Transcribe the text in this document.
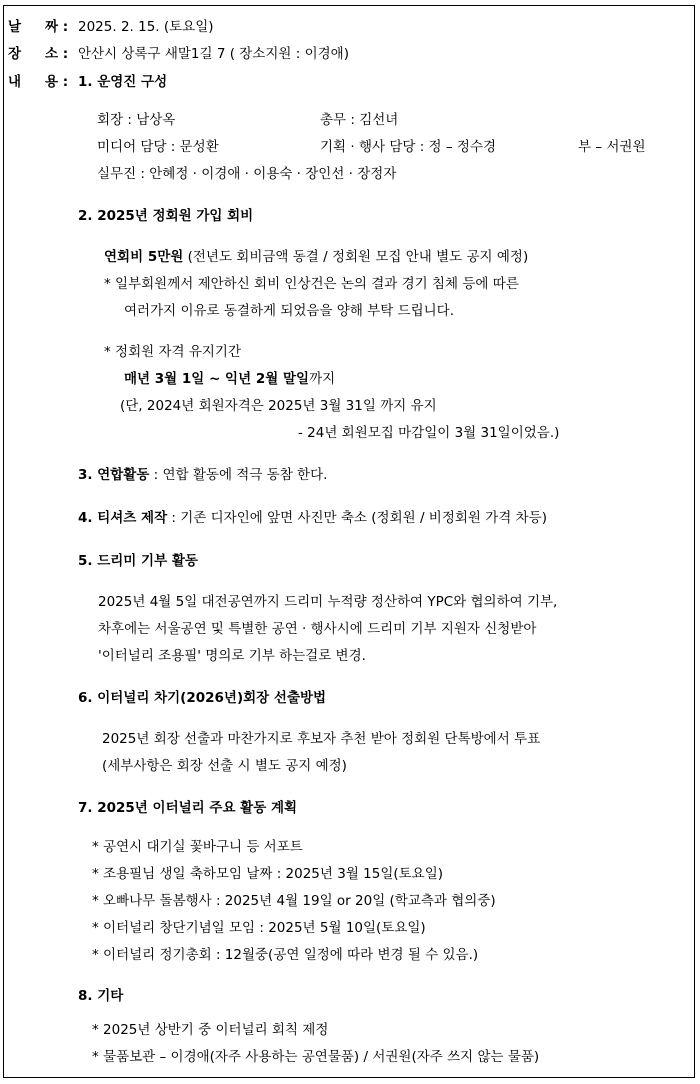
날 짜 : 2025. 2. 15. (토요일)
장 소 : 안산시 상록구 새말1길 7 ( 장소지원 : 이경애)
내 용 : 1. 운영진 구성
회장 : 남상옥	총무 : 김선녀
미디어 담당 : 문성환	기획 · 행사 담당 : 정 – 정수경	부 – 서권원
실무진 : 안혜정 · 이경애 · 이용숙 · 장인선 · 장정자
2. 2025년 정회원 가입 회비
연회비 5만원 (전년도 회비금액 동결 / 정회원 모집 안내 별도 공지 예정)
* 일부회원께서 제안하신 회비 인상건은 논의 결과 경기 침체 등에 따른
여러가지 이유로 동결하게 되었음을 양해 부탁 드립니다.
* 정회원 자격 유지기간
매년 3월 1일 ~ 익년 2월 말일까지
(단, 2024년 회원자격은 2025년 3월 31일 까지 유지
- 24년 회원모집 마감일이 3월 31일이었음.)
3. 연합활동 : 연합 활동에 적극 동참 한다.
4. 티셔츠 제작 : 기존 디자인에 앞면 사진만 축소 (정회원 / 비정회원 가격 차등)
5. 드리미 기부 활동
2025년 4월 5일 대전공연까지 드리미 누적량 정산하여 YPC와 협의하여 기부,
차후에는 서울공연 및 특별한 공연 · 행사시에 드리미 기부 지원자 신청받아
'이터널리 조용필' 명의로 기부 하는걸로 변경.
6. 이터널리 차기(2026년)회장 선출방법
2025년 회장 선출과 마찬가지로 후보자 추천 받아 정회원 단톡방에서 투표
(세부사항은 회장 선출 시 별도 공지 예정)
7. 2025년 이터널리 주요 활동 계획
* 공연시 대기실 꽃바구니 등 서포트
* 조용필님 생일 축하모임 날짜 : 2025년 3월 15일(토요일)
* 오빠나무 돌봄행사 : 2025년 4월 19일 or 20일 (학교측과 협의중)
* 이터널리 창단기념일 모임 : 2025년 5월 10일(토요일)
* 이터널리 정기총회 : 12월중(공연 일정에 따라 변경 될 수 있음.)
8. 기타
* 2025년 상반기 중 이터널리 회칙 제정
* 물품보관 – 이경애(자주 사용하는 공연물품) / 서권원(자주 쓰지 않는 물품)
